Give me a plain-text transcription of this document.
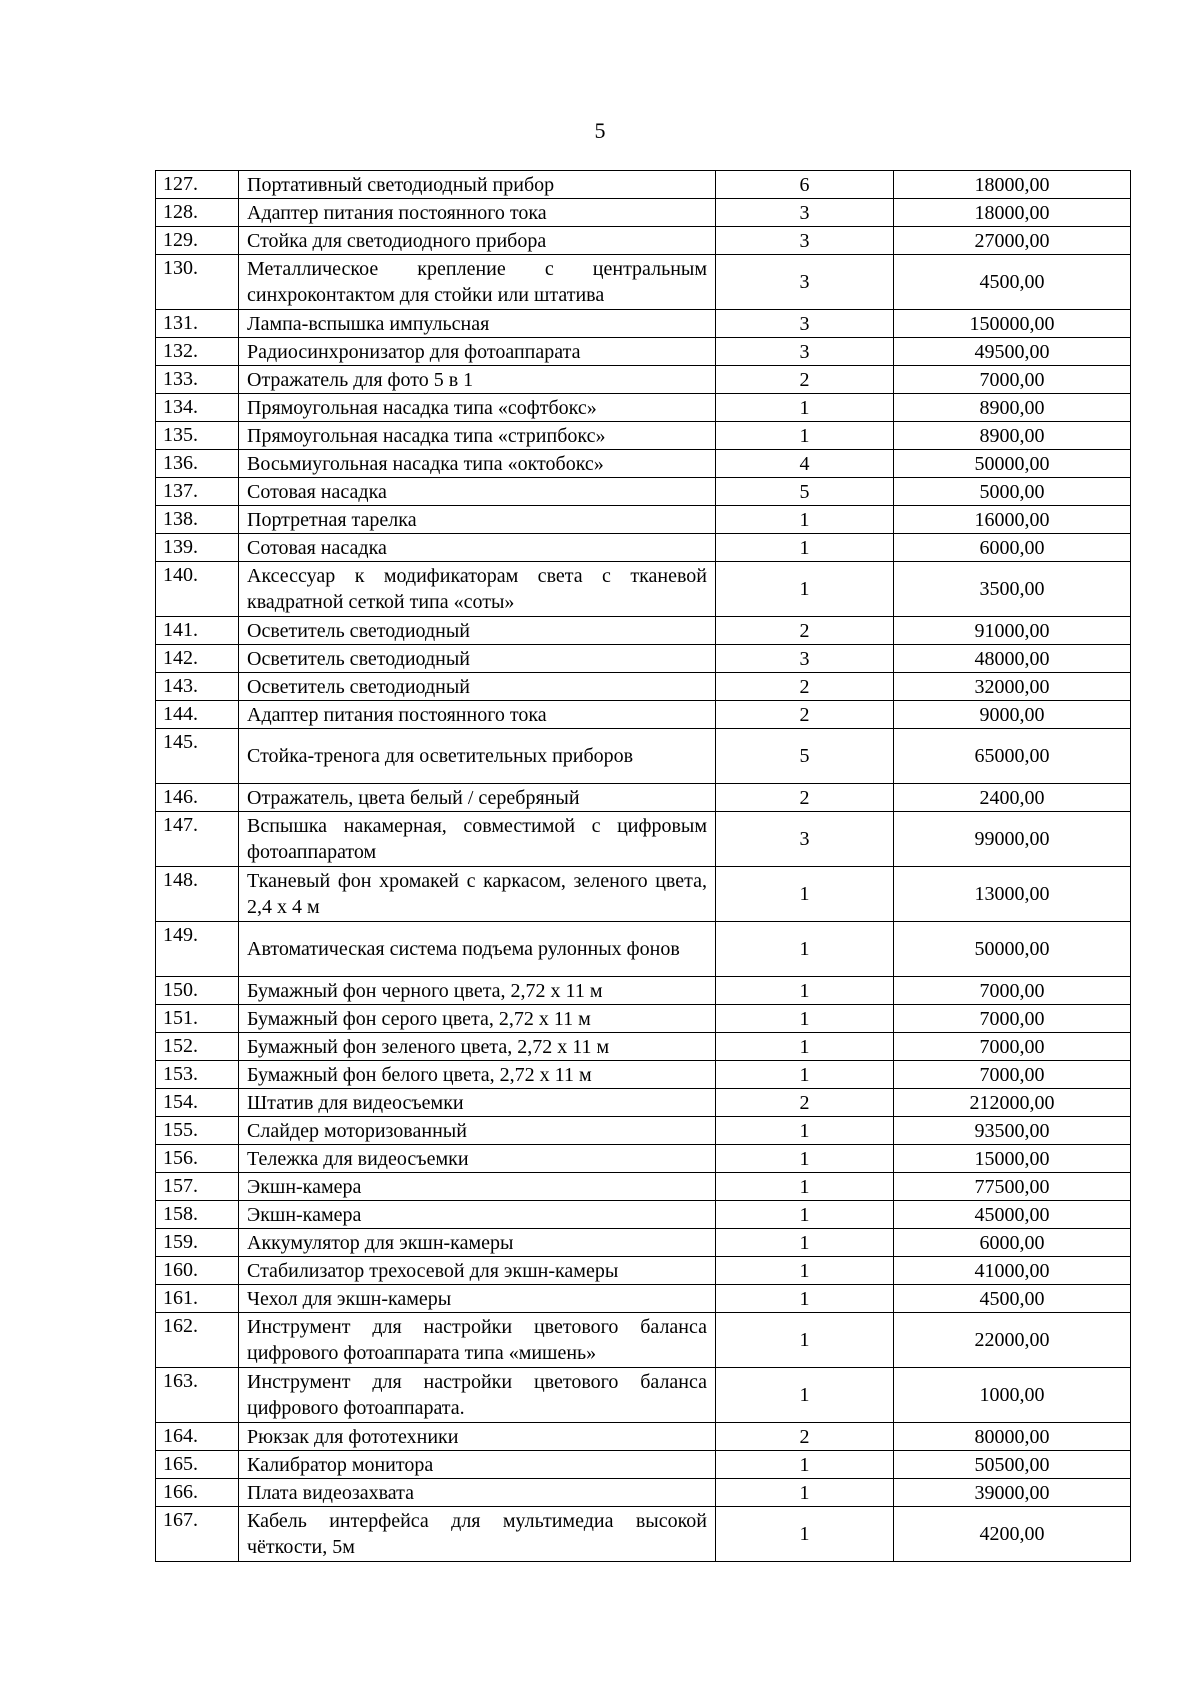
5
127.	Портативный светодиодный прибор	6	18000,00
128.	Адаптер питания постоянного тока	3	18000,00
129.	Стойка для светодиодного прибора	3	27000,00
130.	Металлическое крепление с центральным синхроконтактом для стойки или штатива	3	4500,00
131.	Лампа-вспышка импульсная	3	150000,00
132.	Радиосинхронизатор для фотоаппарата	3	49500,00
133.	Отражатель для фото 5 в 1	2	7000,00
134.	Прямоугольная насадка типа «софтбокс»	1	8900,00
135.	Прямоугольная насадка типа «стрипбокс»	1	8900,00
136.	Восьмиугольная насадка типа «октобокс»	4	50000,00
137.	Сотовая насадка	5	5000,00
138.	Портретная тарелка	1	16000,00
139.	Сотовая насадка	1	6000,00
140.	Аксессуар к модификаторам света с тканевой квадратной сеткой типа «соты»	1	3500,00
141.	Осветитель светодиодный	2	91000,00
142.	Осветитель светодиодный	3	48000,00
143.	Осветитель светодиодный	2	32000,00
144.	Адаптер питания постоянного тока	2	9000,00
145.	Стойка-тренога для осветительных приборов	5	65000,00
146.	Отражатель, цвета белый / серебряный	2	2400,00
147.	Вспышка накамерная, совместимой с цифровым фотоаппаратом	3	99000,00
148.	Тканевый фон хромакей с каркасом, зеленого цвета, 2,4 х 4 м	1	13000,00
149.	Автоматическая система подъема рулонных фонов	1	50000,00
150.	Бумажный фон черного цвета, 2,72 х 11 м	1	7000,00
151.	Бумажный фон серого цвета, 2,72 х 11 м	1	7000,00
152.	Бумажный фон зеленого цвета, 2,72 х 11 м	1	7000,00
153.	Бумажный фон белого цвета, 2,72 х 11 м	1	7000,00
154.	Штатив для видеосъемки	2	212000,00
155.	Слайдер моторизованный	1	93500,00
156.	Тележка для видеосъемки	1	15000,00
157.	Экшн-камера	1	77500,00
158.	Экшн-камера	1	45000,00
159.	Аккумулятор для экшн-камеры	1	6000,00
160.	Стабилизатор трехосевой для экшн-камеры	1	41000,00
161.	Чехол для экшн-камеры	1	4500,00
162.	Инструмент для настройки цветового баланса цифрового фотоаппарата типа «мишень»	1	22000,00
163.	Инструмент для настройки цветового баланса цифрового фотоаппарата.	1	1000,00
164.	Рюкзак для фототехники	2	80000,00
165.	Калибратор монитора	1	50500,00
166.	Плата видеозахвата	1	39000,00
167.	Кабель интерфейса для мультимедиа высокой чёткости, 5м	1	4200,00
